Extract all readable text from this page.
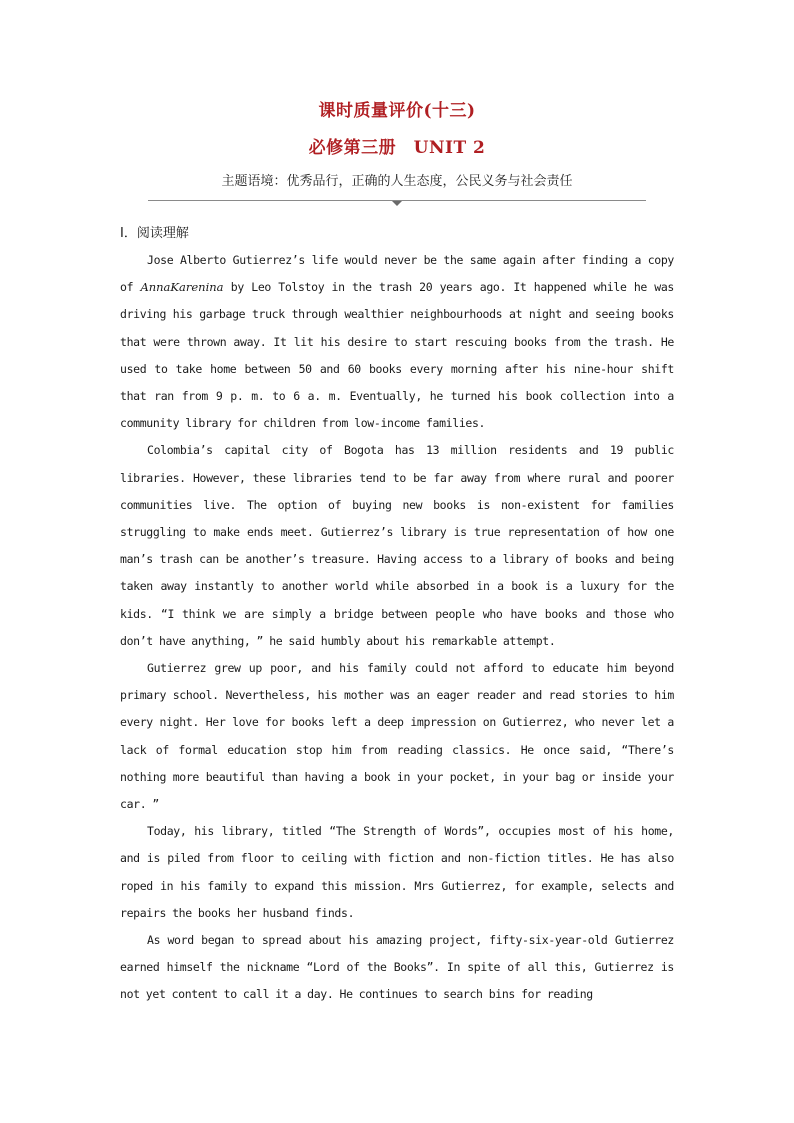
课时质量评价(十三)
必修第三册　UNIT 2
主题语境：优秀品行，正确的人生态度，公民义务与社会责任
Ⅰ．阅读理解

Jose Alberto Gutierrez’s life would never be the same again after finding a copy of AnnaKarenina by Leo Tolstoy in the trash 20 years ago. It happened while he was driving his garbage truck through wealthier neighbourhoods at night and seeing books that were thrown away. It lit his desire to start rescuing books from the trash. He used to take home between 50 and 60 books every morning after his nine-hour shift that ran from 9 p. m. to 6 a. m. Eventually, he turned his book collection into a community library for children from low-income families.

Colombia’s capital city of Bogota has 13 million residents and 19 public libraries. However, these libraries tend to be far away from where rural and poorer communities live. The option of buying new books is non-existent for families struggling to make ends meet. Gutierrez’s library is true representation of how one man’s trash can be another’s treasure. Having access to a library of books and being taken away instantly to another world while absorbed in a book is a luxury for the kids. “I think we are simply a bridge between people who have books and those who don’t have anything, ” he said humbly about his remarkable attempt.

Gutierrez grew up poor, and his family could not afford to educate him beyond primary school. Nevertheless, his mother was an eager reader and read stories to him every night. Her love for books left a deep impression on Gutierrez, who never let a lack of formal education stop him from reading classics. He once said, “There’s nothing more beautiful than having a book in your pocket, in your bag or inside your car. ”

Today, his library, titled “The Strength of Words”, occupies most of his home, and is piled from floor to ceiling with fiction and non-fiction titles. He has also roped in his family to expand this mission. Mrs Gutierrez, for example, selects and repairs the books her husband finds.

As word began to spread about his amazing project, fifty-six-year-old Gutierrez earned himself the nickname “Lord of the Books”. In spite of all this, Gutierrez is not yet content to call it a day. He continues to search bins for reading
